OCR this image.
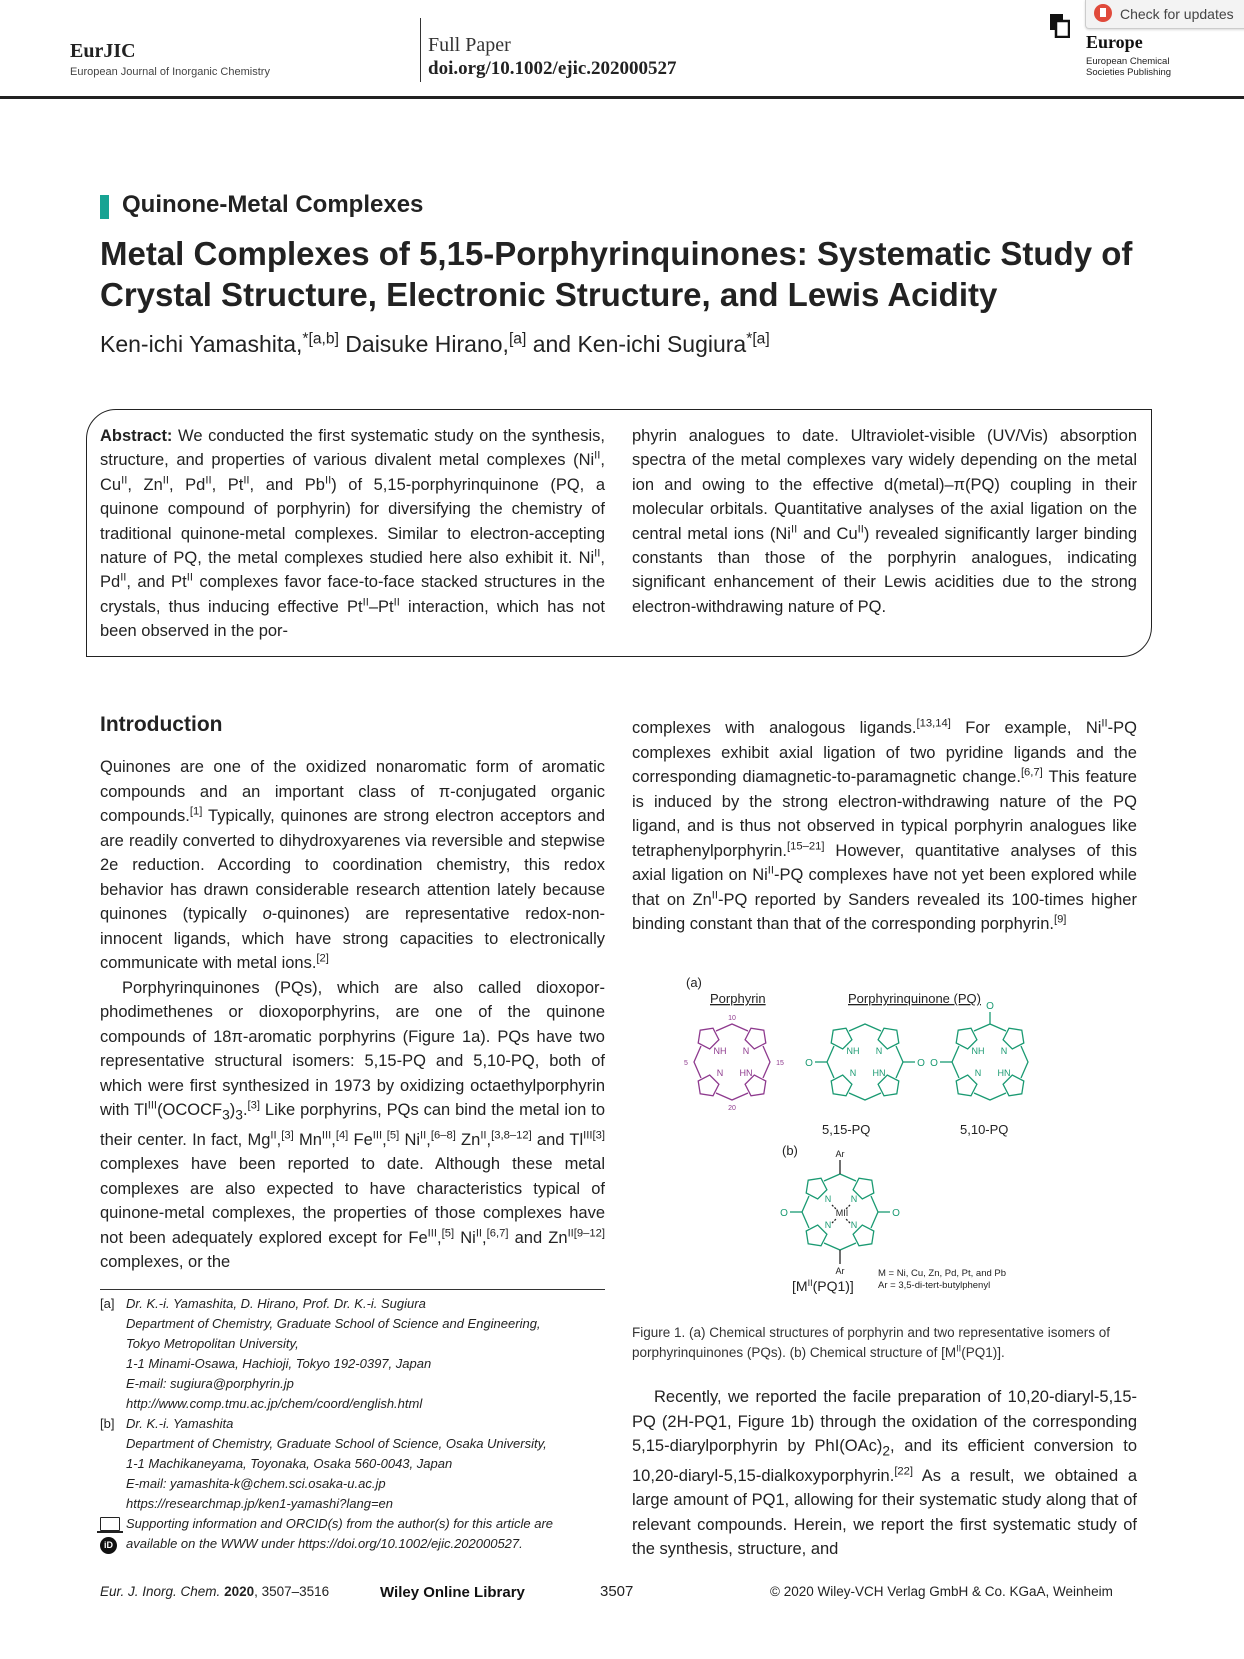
EurJIC
European Journal of Inorganic Chemistry
Full Paper
doi.org/10.1002/ejic.202000527
Europe
European Chemical Societies Publishing
Check for updates
Quinone-Metal Complexes
Metal Complexes of 5,15-Porphyrinquinones: Systematic Study of Crystal Structure, Electronic Structure, and Lewis Acidity
Ken-ichi Yamashita,$^{*[a,b]}$ Daisuke Hirano,[a] and Ken-ichi Sugiura$^{*[a]}$
Abstract: We conducted the first systematic study on the synthesis, structure, and properties of various divalent metal complexes ($Ni^{II}$, $Cu^{II}$, $Zn^{II}$, $Pd^{II}$, $Pt^{II}$, and $Pb^{II}$) of 5,15-porphyrinquinone (PQ, a quinone compound of porphyrin) for diversifying the chemistry of traditional quinone-metal complexes. Similar to electron-accepting nature of PQ, the metal complexes studied here also exhibit it. $Ni^{II}$, $Pd^{II}$, and $Pt^{II}$ complexes favor face-to-face stacked structures in the crystals, thus inducing effective $Pt^{II}-Pt^{II}$ interaction, which has not been observed in the por-
phyrin analogues to date. Ultraviolet-visible (UV/Vis) absorption spectra of the metal complexes vary widely depending on the metal ion and owing to the effective d(metal)–π(PQ) coupling in their molecular orbitals. Quantitative analyses of the axial ligation on the central metal ions ($Ni^{II}$ and $Cu^{II}$) revealed significantly larger binding constants than those of the porphyrin analogues, indicating significant enhancement of their Lewis acidities due to the strong electron-withdrawing nature of PQ.
Introduction
Quinones are one of the oxidized nonaromatic form of aromatic compounds and an important class of π-conjugated organic compounds.[1] Typically, quinones are strong electron acceptors and are readily converted to dihydroxyarenes via reversible and stepwise 2e reduction. According to coordination chemistry, this redox behavior has drawn considerable research attention lately because quinones (typically o-quinones) are representative redox-non-innocent ligands, which have strong capacities to electronically communicate with metal ions.[2]
Porphyrinquinones (PQs), which are also called dioxoporphodimethenes or dioxoporphyrins, are one of the quinone compounds of 18π-aromatic porphyrins (Figure 1a). PQs have two representative structural isomers: 5,15-PQ and 5,10-PQ, both of which were first synthesized in 1973 by oxidizing octaethylporphyrin with $Tl^{III}(OCOCF_3)_3.[3]$ Like porphyrins, PQs can bind the metal ion to their center. In fact, $Mg^{II},[3]$ $Mn^{III},[4]$ $Fe^{III},[5]$ $Ni^{II},[6-8]$ $Zn^{II},[3,8-12]$ and $Tl^{III[3]}$ complexes have been reported to date. Although these metal complexes are also expected to have characteristics typical of quinone-metal complexes, the properties of those complexes have not been adequately explored except for $Fe^{III},[5]$ $Ni^{II},[6,7]$ and $Zn^{II[9-12]}$ complexes, or the
complexes with analogous ligands.[13,14] For example, $Ni^{II}-PQ$ complexes exhibit axial ligation of two pyridine ligands and the corresponding diamagnetic-to-paramagnetic change.[6,7] This feature is induced by the strong electron-withdrawing nature of the PQ ligand, and is thus not observed in typical porphyrin analogues like tetraphenylporphyrin.[15–21] However, quantitative analyses of this axial ligation on $Ni^{II}-PQ$ complexes have not yet been explored while that on $Zn^{II}-PQ$ reported by Sanders revealed its 100-times higher binding constant than that of the corresponding porphyrin.[9]
(a)
Porphyrin	Porphyrinquinone (PQ)
NH N
N HN
10
20
5	15 O	O
NH N
N HN
O
O
NH N
N HN
O	O
N N
N N
MII
Ar
Ar
5,15-PQ	5,10-PQ
(b)
$[M^{II}(PQ1)]$
M = Ni, Cu, Zn, Pd, Pt, and Pb
Ar = 3,5-di-tert-butylphenyl
Figure 1. (a) Chemical structures of porphyrin and two representative isomers of porphyrinquinones (PQs). (b) Chemical structure of $[M^{II}(PQ1)]$.
Recently, we reported the facile preparation of 10,20-diaryl-5,15-PQ (2H-PQ1, Figure 1b) through the oxidation of the corresponding 5,15-diarylporphyrin by $PhI(OAc)_2$, and its efficient conversion to 10,20-diaryl-5,15-dialkoxyporphyrin.[22] As a result, we obtained a large amount of PQ1, allowing for their systematic study along that of relevant compounds. Herein, we report the first systematic study of the synthesis, structure, and
[a] Dr. K.-i. Yamashita, D. Hirano, Prof. Dr. K.-i. Sugiura
Department of Chemistry, Graduate School of Science and Engineering,
Tokyo Metropolitan University,
1-1 Minami-Osawa, Hachioji, Tokyo 192-0397, Japan
E-mail: sugiura@porphyrin.jp
http://www.comp.tmu.ac.jp/chem/coord/english.html
[b] Dr. K.-i. Yamashita
Department of Chemistry, Graduate School of Science, Osaka University,
1-1 Machikaneyama, Toyonaka, Osaka 560-0043, Japan
E-mail: yamashita-k@chem.sci.osaka-u.ac.jp
https://researchmap.jp/ken1-yamashi?lang=en
iD
Supporting information and ORCID(s) from the author(s) for this article are
available on the WWW under https://doi.org/10.1002/ejic.202000527.
Eur. J. Inorg. Chem. 2020, 3507–3516	Wiley Online Library	3507	© 2020 Wiley-VCH Verlag GmbH & Co. KGaA, Weinheim
